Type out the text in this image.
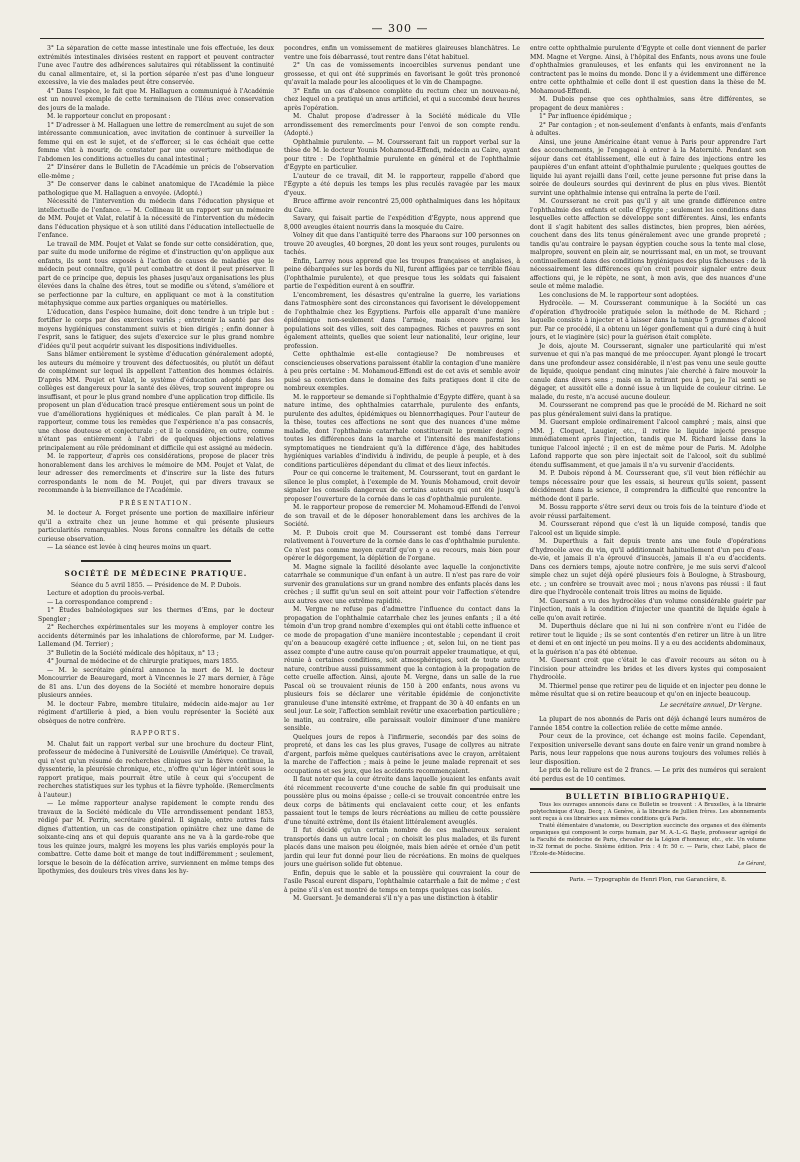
— 300 —

3° La séparation de cette masse intestinale une fois effectuée, les deux extrémités intestinales divisées restent en rapport et peuvent contracter l'une avec l'autre des adhérences salutaires qui rétablissent la continuité du canal alimentaire, et, si la portion séparée n'est pas d'une longueur excessive, la vie des malades peut être conservée.

4° Dans l'espèce, le fait que M. Hallaguen a communiqué à l'Académie est un nouvel exemple de cette terminaison de l'iléus avec conservation des jours de la malade.

M. le rapporteur conclut en proposant :

1° D'adresser à M. Hallaguen une lettre de remercîment au sujet de son intéressante communication, avec invitation de continuer à surveiller la femme qui en est le sujet, et de s'efforcer, si le cas échéait que cette femme vînt à mourir, de constater par une ouverture méthodique de l'abdomen les conditions actuelles du canal intestinal ;

2° D'insérer dans le Bulletin de l'Académie un précis de l'observation elle-même ;

3° De conserver dans le cabinet anatomique de l'Académie la pièce pathologique que M. Hallaguen a envoyée. (Adopté.)

Nécessité de l'intervention du médecin dans l'éducation physique et intellectuelle de l'enfance. — M. Collineau lit un rapport sur un mémoire de MM. Poujet et Valat, relatif à la nécessité de l'intervention du médecin dans l'éducation physique et à son utilité dans l'éducation intellectuelle de l'enfance.

Le travail de MM. Poujet et Valat se fonde sur cette considération, que, par suite du mode uniforme de régime et d'instruction qu'on applique aux enfants, ils sont tous exposés à l'action de causes de maladies que le médecin peut connaître, qu'il peut combattre et dont il peut préserver. Il part de ce principe que, depuis les phases jusqu'aux organisations les plus élevées dans la chaîne des êtres, tout se modifie ou s'étend, s'améliore et se perfectionne par la culture, en appliquant ce mot à la constitution métaphysique comme aux parties organiques ou matérielles.

L'éducation, dans l'espèce humaine, doit donc tendre à un triple but : fortifier le corps par des exercices variés ; entretenir la santé par des moyens hygiéniques constamment suivis et bien dirigés ; enfin donner à l'esprit, sans le fatiguer, des sujets d'exercice sur le plus grand nombre d'idées qu'il peut acquérir suivant les dispositions individuelles.

Sans blâmer entièrement le système d'éducation généralement adopté, les auteurs du mémoire y trouvent des défectuosités, ou plutôt un défaut de complément sur lequel ils appellent l'attention des hommes éclairés. D'après MM. Poujet et Valat, le système d'éducation adopté dans les collèges est dangereux pour la santé des élèves, trop souvent improprе ou insuffisant, et pour le plus grand nombre d'une application trop difficile. Ils proposent un plan d'éducation tracé presque entièrement sous un point de vue d'améliorations hygiéniques et médicales. Ce plan paraît à M. le rapporteur, comme tous les remèdes que l'expérience n'a pas consacrés, une chose douteuse et conjecturale ; et il le considère, en outre, comme n'étant pas entièrement à l'abri de quelques objections relatives principalement au rôle prédominant et difficile qui est assigné au médecin.

M. le rapporteur, d'après ces considérations, propose de placer très honorablement dans les archives le mémoire de MM. Poujet et Valat, de leur adresser des remercîments et d'inscrire sur la liste des futurs correspondants le nom de M. Poujet, qui par divers travaux se recommande à la bienveillance de l'Académie.

PRÉSENTATION.

M. le docteur A. Forget présente une portion de maxillaire inférieur qu'il a extraite chez un jeune homme et qui présente plusieurs particularités remarquables. Nous ferons connaître les détails de cette curieuse observation.

— La séance est levée à cinq heures moins un quart.

SOCIÉTÉ DE MÉDECINE PRATIQUE.

Séance du 5 avril 1855. — Présidence de M. P. Dubois.

Lecture et adoption du procès-verbal.

— La correspondance comprend :

1° Études balnéologiques sur les thermes d'Ems, par le docteur Spengler ;

2° Recherches expérimentales sur les moyens à employer contre les accidents déterminés par les inhalations de chloroforme, par M. Ludger-Lallemand (M. Terrier) ;

3° Bulletin de la Société médicale des hôpitaux, n° 13 ;

4° Journal de médecine et de chirurgie pratiques, mars 1855.

— M. le secrétaire général annonce la mort de M. le docteur Moncourrier de Beauregard, mort à Vincennes le 27 mars dernier, à l'âge de 81 ans. L'un des doyens de la Société et membre honoraire depuis plusieurs années.

M. le docteur Fabre, membre titulaire, médecin aide-major au 1er régiment d'artillerie à pied, a bien voulu représenter la Société aux obsèques de notre confrère.

RAPPORTS.

M. Chalut fait un rapport verbal sur une brochure du docteur Flint, professeur de médecine à l'université de Louisville (Amérique). Ce travail, qui n'est qu'un résumé de recherches cliniques sur la fièvre continue, la dyssenterie, la pleurésie chronique, etc., n'offre qu'un léger intérêt sous le rapport pratique, mais pourrait être utile à ceux qui s'occupent de recherches statistiques sur les typhus et la fièvre typhoïde. (Remercîments à l'auteur.)

— Le même rapporteur analyse rapidement le compte rendu des travaux de la Société médicale du VIIe arrondissement pendant 1853, rédigé par M. Perrin, secrétaire général. Il signale, entre autres faits dignes d'attention, un cas de constipation opiniâtre chez une dame de soixante-cinq ans et qui depuis quarante ans ne va à la garde-robe que tous les quinze jours, malgré les moyens les plus variés employés pour la combattre. Cette dame boit et mange de tout indifféremment ; seulement, lorsque le besoin de la défécation arrive, surviennent en même temps des lipothymies, des douleurs très vives dans les hy-

pocondres, enfin un vomissement de matières glaireuses blanchâtres. Le ventre une fois débarrassé, tout rentre dans l'état habituel.

2° Un cas de vomissements incoercibles survenus pendant une grossesse, et qui ont été supprimés en favorisant le goût très prononcé qu'avait la malade pour les alcooliques et le vin de Champagne.

3° Enfin un cas d'absence complète du rectum chez un nouveau-né, chez lequel on a pratiqué un anus artificiel, et qui a succombé deux heures après l'opération.

M. Chalut propose d'adresser à la Société médicale du VIIe arrondissement des remercîments pour l'envoi de son compte rendu. (Adopté.)

Ophthalmie purulente. — M. Coursserant fait un rapport verbal sur la thèse de M. le docteur Younis Mohamoud-Effendi, médecin au Caire, ayant pour titre : De l'ophthalmie purulente en général et de l'ophthalmie d'Égypte en particulier.

L'auteur de ce travail, dit M. le rapporteur, rappelle d'abord que l'Égypte a été depuis les temps les plus reculés ravagée par les maux d'yeux.

Bruce affirme avoir rencontré 25,000 ophthalmiques dans les hôpitaux du Caire.

Savary, qui faisait partie de l'expédition d'Égypte, nous apprend que 8,000 aveugles étaient nourris dans la mosquée du Caire.

Volney dit que dans l'antiquité terre des Pharaons sur 100 personnes on trouve 20 aveugles, 40 borgnes, 20 dont les yeux sont rouges, purulents ou tachés.

Enfin, Larrey nous apprend que les troupes françaises et anglaises, à peine débarquées sur les bords du Nil, furent affligées par ce terrible fléau (l'ophthalmie purulente), et que presque tous les soldats qui faisaient partie de l'expédition eurent à en souffrir.

L'encombrement, les désastres qu'entraîne la guerre, les variations dans l'atmosphère sont des circonstances qui favorisent le développement de l'ophthalmie chez les Égyptiens. Parfois elle apparaît d'une manière épidémique non-seulement dans l'armée, mais encore parmi les populations soit des villes, soit des campagnes. Riches et pauvres en sont également atteints, quelles que soient leur nationalité, leur origine, leur profession.

Cette ophthalmie est-elle contagieuse? De nombreuses et consciencieuses observations paraissent établir la contagion d'une manière à peu près certaine : M. Mohamoud-Effendi est de cet avis et semble avoir puisé sa conviction dans le domaine des faits pratiques dont il cite de nombreux exemples.

M. le rapporteur se demande si l'ophthalmie d'Égypte diffère, quant à sa nature intime, des ophthalmies catarrhale, purulente des enfants, purulente des adultes, épidémiques ou blennorrhagiques. Pour l'auteur de la thèse, toutes ces affections ne sont que des nuances d'une même maladie, dont l'ophthalmie catarrhale constituerait le premier degré ; toutes les différences dans la marche et l'intensité des manifestations symptomatiques ne tiendraient qu'à la différence d'âge, des habitudes hygiéniques variables d'individu à individu, de peuple à peuple, et à des conditions particulières dépendant du climat et des lieux infectés.

Pour ce qui concerne le traitement, M. Coursserant, tout en gardant le silence le plus complet, à l'exemple de M. Younis Mohamoud, croit devoir signaler les conseils dangereux de certains auteurs qui ont été jusqu'à proposer l'ouverture de la cornée dans le cas d'ophthalmie purulente.

M. le rapporteur propose de remercier M. Mohamoud-Effendi de l'envoi de son travail et de le déposer honorablement dans les archives de la Société.

M. P. Dubois croit que M. Coursserant est tombé dans l'erreur relativement à l'ouverture de la cornée dans le cas d'ophthalmie purulente. Ce n'est pas comme moyen curatif qu'on y a eu recours, mais bien pour opérer le dégorgement, la déplétion de l'organe.

M. Magne signale la facilité désolante avec laquelle la conjonctivite catarrhale se communique d'un enfant à un autre. Il n'est pas rare de voir survenir des granulations sur un grand nombre des enfants placés dans les crèches ; il suffit qu'un seul en soit atteint pour voir l'affection s'étendre aux autres avec une extrême rapidité.

M. Vergne ne refuse pas d'admettre l'influence du contact dans la propagation de l'ophthalmie catarrhale chez les jeunes enfants ; il a été témoin d'un trop grand nombre d'exemples qui ont établi cette influence et ce mode de propagation d'une manière incontestable ; cependant il croit qu'on a beaucoup exagéré cette influence ; et, selon lui, on ne tient pas assez compte d'une autre cause qu'on pourrait appeler traumatique, et qui, réunie à certaines conditions, soit atmosphériques, soit de toute autre nature, contribue aussi puissamment que la contagion à la propagation de cette cruelle affection. Ainsi, ajoute M. Vergne, dans un salle de la rue Pascal où se trouvaient réunis de 150 à 200 enfants, nous avons vu plusieurs fois se déclarer une véritable épidémie de conjonctivite granuleuse d'une intensité extrême, et frappant de 30 à 40 enfants en un seul jour. Le soir, l'affection semblait revêtir une exacerbation particulière ; le matin, au contraire, elle paraissait vouloir diminuer d'une manière sensible.

Quelques jours de repos à l'infirmerie, secondés par des soins de propreté, et dans les cas les plus graves, l'usage de collyres au nitrate d'argent, parfois même quelques cautérisations avec le crayon, arrêtaient la marche de l'affection ; mais à peine le jeune malade reprenait et ses occupations et ses jeux, que les accidents recommençaient.

Il faut noter que la cour étroite dans laquelle jouaient les enfants avait été récemment recouverte d'une couche de sable fin qui produisait une poussière plus ou moins épaisse ; celle-ci se trouvait concentrée entre les deux corps de bâtiments qui enclavaient cette cour, et les enfants passaient tout le temps de leurs récréations au milieu de cette poussière d'une ténuité extrême, dont ils étaient littéralement aveuglés.

Il fut décidé qu'un certain nombre de ces malheureux seraient transportés dans un autre local ; on choisit les plus malades, et ils furent placés dans une maison peu éloignée, mais bien aérée et ornée d'un petit jardin qui leur fut donné pour lieu de récréations. En moins de quelques jours une guérison solide fut obtenue.

Enfin, depuis que le sable et la poussière qui couvraient la cour de l'asile Pascal eurent disparu, l'ophthalmie catarrhale a fait de même ; c'est à peine s'il s'en est montré de temps en temps quelques cas isolés.

M. Guersant. Je demanderai s'il n'y a pas une distinction à établir

entre cette ophthalmie purulente d'Égypte et celle dont viennent de parler MM. Magne et Vergne. Ainsi, à l'hôpital des Enfants, nous avons une foule d'ophthalmies granuleuses, et les enfants qui les environnent ne la contractent pas le moins du monde. Donc il y a évidemment une différence entre cette ophthalmie et celle dont il est question dans la thèse de M. Mohamoud-Effendi.

M. Dubois pense que ces ophthalmies, sans être différentes, se propagent de deux manières :

1° Par influence épidémique ;

2° Par contagion ; et non-seulement d'enfants à enfants, mais d'enfants à adultes.

Ainsi, une jeune Américaine étant venue à Paris pour apprendre l'art des accouchements, je l'engageai à entrer à la Maternité. Pendant son séjour dans cet établissement, elle eut à faire des injections entre les paupières d'un enfant atteint d'ophthalmie purulente ; quelques gouttes de liquide lui ayant rejailli dans l'œil, cette jeune personne fut prise dans la soirée de douleurs sourdes qui devinrent de plus en plus vives. Bientôt survint une ophthalmie intense qui entraîna la perte de l'œil.

M. Coursserant ne croit pas qu'il y ait une grande différence entre l'ophthalmie des enfants et celle d'Égypte ; seulement les conditions dans lesquelles cette affection se développe sont différentes. Ainsi, les enfants dont il s'agit habitent des salles distinctes, bien propres, bien aérées, couchent dans des lits tenus généralement avec une grande propreté ; tandis qu'au contraire le paysan égyptien couche sous la tente mal close, malpropre, souvent en plein air, se nourrissant mal, en un mot, se trouvant continuellement dans des conditions hygiéniques des plus fâcheuses : de là nécessairement les différences qu'on croit pouvoir signaler entre deux affections qui, je le répète, ne sont, à mon avis, que des nuances d'une seule et même maladie.

Les conclusions de M. le rapporteur sont adoptées.

Hydrocèle. — M. Coursserant communique à la Société un cas d'opération d'hydrocèle pratiquée selon la méthode de M. Richard ; laquelle consiste à injecter et à laisser dans la tunique 5 grammes d'alcool pur. Par ce procédé, il a obtenu un léger gonflement qui a duré cinq à huit jours, et le viaginère (sic) pour la guérison était complète.

Je dois, ajoute M. Coursserant, signaler une particularité qui m'est survenue et qui n'a pas manqué de me préoccuper. Ayant plongé le trocart dans une profondeur assez considérable, il n'est pas venu une seule goutte de liquide, quoique pendant cinq minutes j'aie cherché à faire mouvoir la canule dans divers sens ; mais en la retirant peu à peu, je l'ai senti se dégager, et aussitôt elle a donné issue à un liquide de couleur citrine. Le malade, du reste, n'a accusé aucune douleur.

M. Coursserant ne comprend pas que le procédé de M. Richard ne soit pas plus généralement suivi dans la pratique.

M. Guersant emploie ordinairement l'alcool camphré ; mais, ainsi que MM. J. Cloquet, Laugier, etc., il retire le liquide injecté presque immédiatement après l'injection, tandis que M. Richard laisse dans la tunique l'alcool injecté ; il en est de même pour de Paris. M. Adolphe Lafond rapporte que son père injectait soit de l'alcool, soit du sublimé étendu suffisamment, et que jamais il n'a vu survenir d'accidents.

M. P. Dubois répond à M. Coursserant que, s'il veut bien réfléchir au temps nécessaire pour que les essais, si heureux qu'ils soient, passent décidément dans la science, il comprendra la difficulté que rencontre la méthode dont il parle.

M. Bossu rapporte s'être servi deux ou trois fois de la teinture d'iode et avoir réussi parfaitement.

M. Coursserant répond que c'est là un liquide composé, tandis que l'alcool est un liquide simple.

M. Duperthuis a fait depuis trente ans une foule d'opérations d'hydrocèle avec du vin, qu'il additionnait habituellement d'un peu d'eau-de-vie, et jamais il n'a éprouvé d'insuccès, jamais il n'a eu d'accidents. Dans ces derniers temps, ajoute notre confrère, je me suis servi d'alcool simple chez un sujet déjà opéré plusieurs fois à Boulogne, à Strasbourg, etc. ; un confrère se trouvait avec moi ; nous n'avons pas réussi : il faut dire que l'hydrocèle contenait trois litres au moins de liquide.

M. Guersant a vu des hydrocèles d'un volume considérable guérir par l'injection, mais à la condition d'injecter une quantité de liquide égale à celle qu'on avait retirée.

M. Duperthuis déclare que ni lui ni son confrère n'ont eu l'idée de retirer tout le liquide ; ils se sont contentés d'en retirer un litre à un litre et demi et en ont injecté un peu moins. Il y a eu des accidents abdominaux, et la guérison n'a pas été obtenue.

M. Guersant croit que c'était le cas d'avoir recours au séton ou à l'incision pour atteindre les brides et les divers kystes qui composaient l'hydrocèle.

M. Thiermel pense que retirer peu de liquide et en injecter peu donne le même résultat que si on retire beaucoup et qu'on en injecte beaucoup.

Le secrétaire annuel, Dr Vergne.

La plupart de nos abonnés de Paris ont déjà échangé leurs numéros de l'année 1854 contre la collection reliée de cette même année.

Pour ceux de la province, cet échange est moins facile. Cependant, l'exposition universelle devant sans doute en faire venir un grand nombre à Paris, nous leur rappelons que nous aurons toujours des volumes reliés à leur disposition.

Le prix de la reliure est de 2 francs. — Le prix des numéros qui seraient été perdus est de 10 centimes.

BULLETIN BIBLIOGRAPHIQUE.

Tous les ouvrages annoncés dans ce Bulletin se trouvent : A Bruxelles, à la librairie polytechnique d'Aug. Decq ; A Genève, à la librairie de Jullien frères. Les abonnements sont reçus à ces librairies aux mêmes conditions qu'à Paris.

Traité élémentaire d'anatomie, ou Description succincte des organes et des éléments organiques qui composent le corps humain, par M. A.-L.-G. Bayle, professeur agrégé de la Faculté de médecine de Paris, chevalier de la Légion d'honneur, etc., etc. Un volume in-32 format de poche. Sixième édition. Prix : 4 fr. 50 c. — Paris, chez Labé, place de l'École-de-Médecine.

Le Gérant,
Paris. — Typographie de Henri Plon, rue Garancière, 8.
